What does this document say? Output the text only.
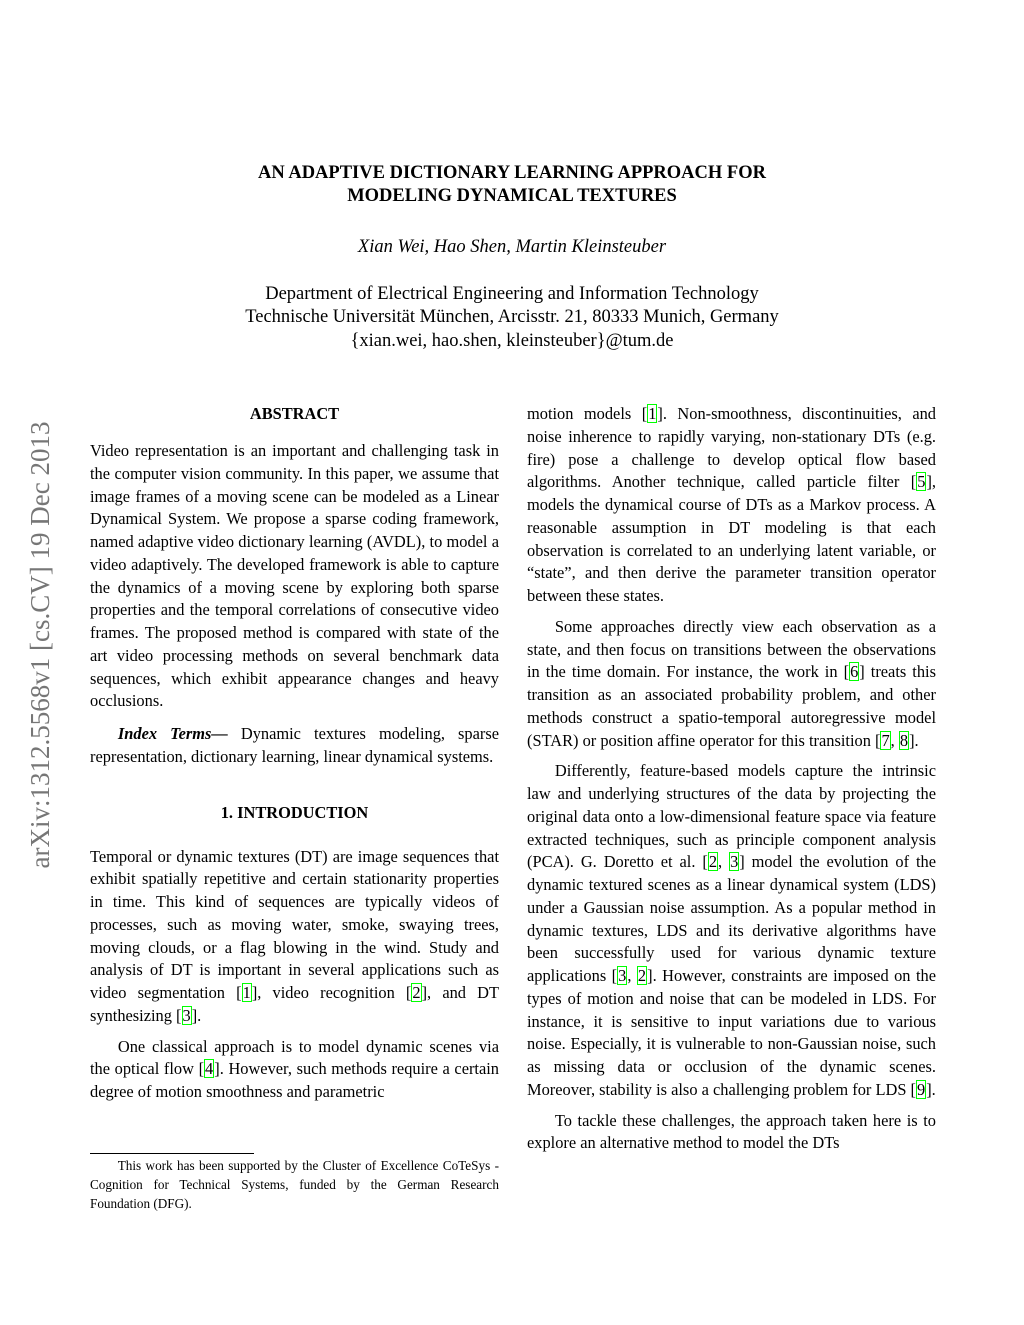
arXiv:1312.5568v1 [cs.CV] 19 Dec 2013
AN ADAPTIVE DICTIONARY LEARNING APPROACH FOR
MODELING DYNAMICAL TEXTURES
Xian Wei, Hao Shen, Martin Kleinsteuber
Department of Electrical Engineering and Information Technology
Technische Universität München, Arcisstr. 21, 80333 Munich, Germany
{xian.wei, hao.shen, kleinsteuber}@tum.de
ABSTRACT

Video representation is an important and challenging task in the computer vision community. In this paper, we assume that image frames of a moving scene can be modeled as a Linear Dynamical System. We propose a sparse coding framework, named adaptive video dictionary learning (AVDL), to model a video adaptively. The developed framework is able to capture the dynamics of a moving scene by exploring both sparse properties and the temporal correlations of consecutive video frames. The proposed method is compared with state of the art video processing methods on several benchmark data sequences, which exhibit appearance changes and heavy occlusions.

Index Terms— Dynamic textures modeling, sparse representation, dictionary learning, linear dynamical systems.

1. INTRODUCTION

Temporal or dynamic textures (DT) are image sequences that exhibit spatially repetitive and certain stationarity properties in time. This kind of sequences are typically videos of processes, such as moving water, smoke, swaying trees, moving clouds, or a flag blowing in the wind. Study and analysis of DT is important in several applications such as video segmentation [1], video recognition [2], and DT synthesizing [3].

One classical approach is to model dynamic scenes via the optical flow [4]. However, such methods require a certain degree of motion smoothness and parametric

This work has been supported by the Cluster of Excellence CoTeSys - Cognition for Technical Systems, funded by the German Research Foundation (DFG).

motion models [1]. Non-smoothness, discontinuities, and noise inherence to rapidly varying, non-stationary DTs (e.g. fire) pose a challenge to develop optical flow based algorithms. Another technique, called particle filter [5], models the dynamical course of DTs as a Markov process. A reasonable assumption in DT modeling is that each observation is correlated to an underlying latent variable, or “state”, and then derive the parameter transition operator between these states.

Some approaches directly view each observation as a state, and then focus on transitions between the observations in the time domain. For instance, the work in [6] treats this transition as an associated probability problem, and other methods construct a spatio-temporal autoregressive model (STAR) or position affine operator for this transition [7, 8].

Differently, feature-based models capture the intrinsic law and underlying structures of the data by projecting the original data onto a low-dimensional feature space via feature extracted techniques, such as principle component analysis (PCA). G. Doretto et al. [2, 3] model the evolution of the dynamic textured scenes as a linear dynamical system (LDS) under a Gaussian noise assumption. As a popular method in dynamic textures, LDS and its derivative algorithms have been successfully used for various dynamic texture applications [3, 2]. However, constraints are imposed on the types of motion and noise that can be modeled in LDS. For instance, it is sensitive to input variations due to various noise. Especially, it is vulnerable to non-Gaussian noise, such as missing data or occlusion of the dynamic scenes. Moreover, stability is also a challenging problem for LDS [9].

To tackle these challenges, the approach taken here is to explore an alternative method to model the DTs
